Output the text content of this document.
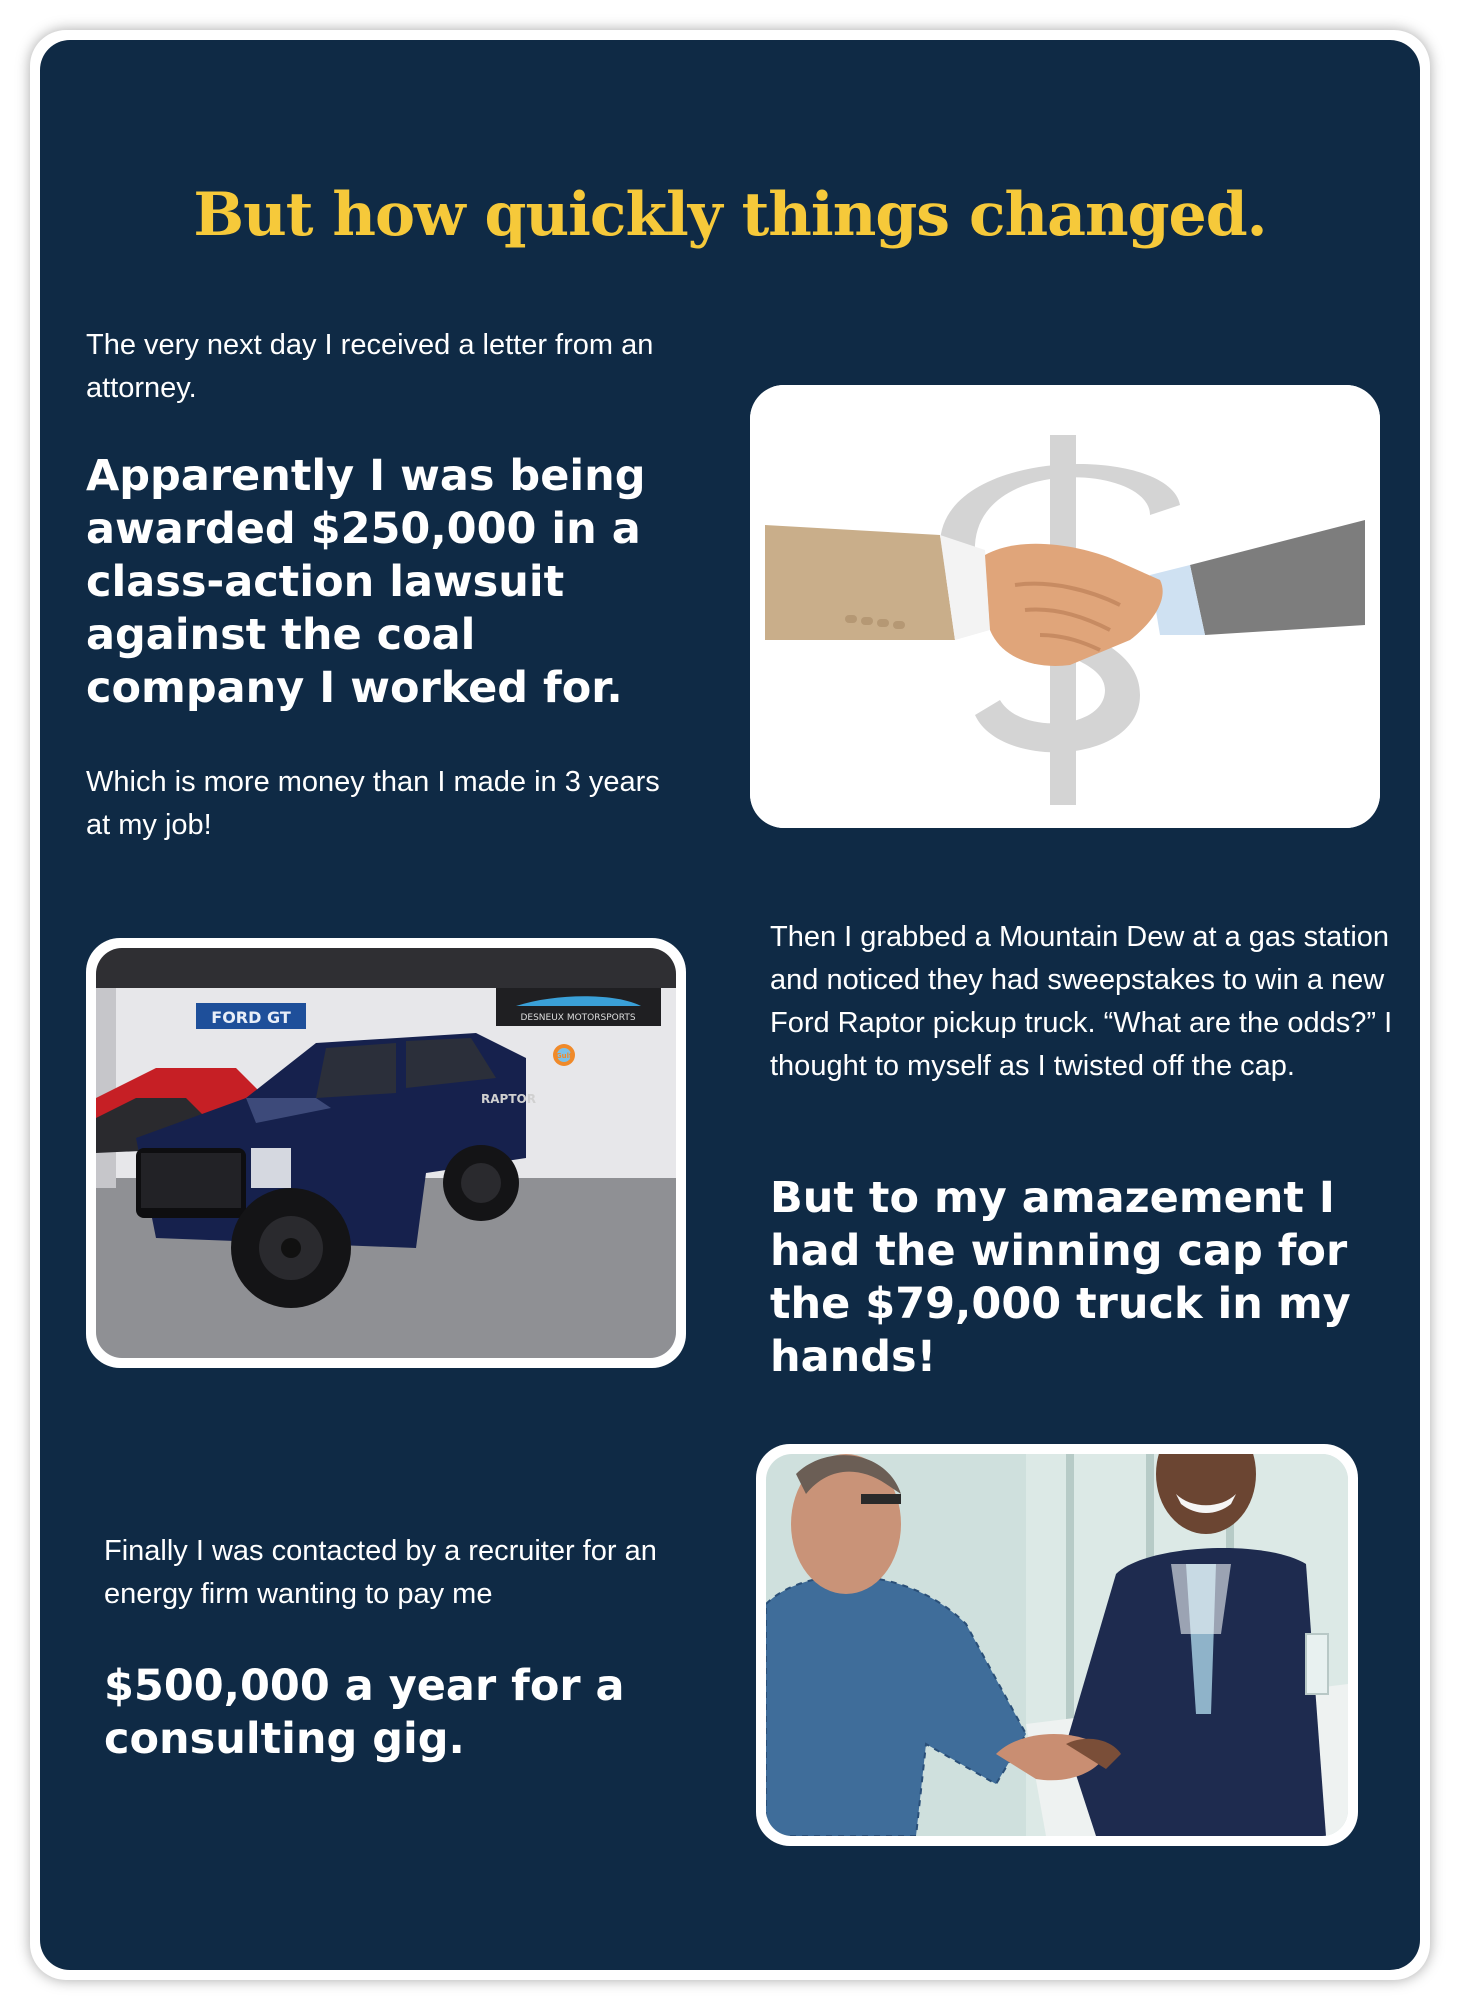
But how quickly things changed.

The very next day I received a letter from an attorney.

Apparently I was being awarded $250,000 in a class-action lawsuit against the coal company I worked for.

Which is more money than I made in 3 years at my job!

FORD GT	DESNEUX MOTORSPORTS
Gulf
RAPTOR

Then I grabbed a Mountain Dew at a gas station and noticed they had sweepstakes to win a new Ford Raptor pickup truck. “What are the odds?” I thought to myself as I twisted off the cap.

But to my amazement I had the winning cap for the $79,000 truck in my hands!

Finally I was contacted by a recruiter for an energy firm wanting to pay me

$500,000 a year for a consulting gig.
